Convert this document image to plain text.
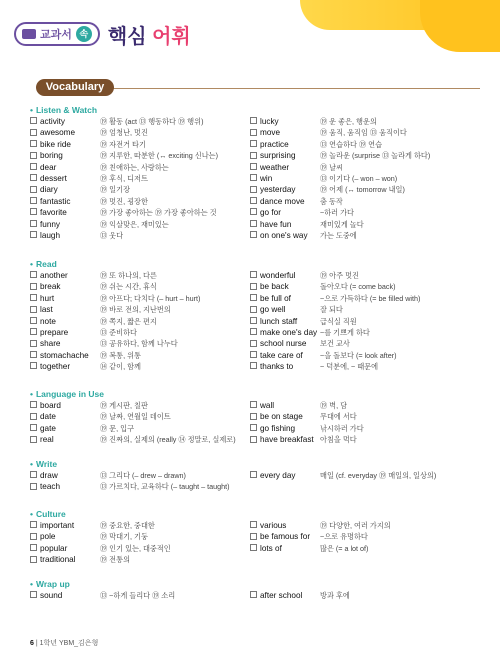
교과서 속 핵심 어휘
Vocabulary
• Listen & Watch
activity	⑲ 활동 (act ⑬ 행동하다 ⑲ 행위)	lucky	⑲ 운 좋은, 행운의
awesome	⑲ 엄청난, 멋진	move	⑲ 움직, 움직임 ⑬ 움직이다
bike ride	⑲ 자전거 타기	practice	⑬ 연습하다 ⑲ 연습
boring	⑲ 지루한, 따분한 (↔ exciting 신나는)	surprising	⑲ 놀라운 (surprise ⑬ 놀라게 하다)
dear	⑲ 친애하는, 사랑하는	weather	⑲ 날씨
dessert	⑲ 후식, 디저트	win	⑬ 이기다 (– won – won)
diary	⑲ 일기장	yesterday	⑲ 어제 (↔ tomorrow 내일)
fantastic	⑲ 멋진, 굉장한	dance move 춤 동작
favorite	⑲ 가장 좋아하는 ⑲ 가장 좋아하는 것	go for	~하러 가다
funny	⑲ 익살맞은, 재미있는	have fun	재미있게 놀다
laugh	⑬ 웃다	on one's way 가는 도중에
• Read
another	⑲ 또 하나의, 다른	wonderful	⑲ 아주 멋진
break	⑲ 쉬는 시간, 휴식	be back	돌아오다 (= come back)
hurt	⑲ 아프다; 다치다 (– hurt – hurt)	be full of	~으로 가득하다 (= be filled with)
last	⑲ 바로 전의, 지난번의	go well	잘 되다
note	⑲ 쪽지, 짧은 편지	lunch staff	급식실 직원
prepare	⑬ 준비하다	make one's day ~를 기쁘게 하다
share	⑬ 공유하다, 함께 나누다	school nurse 보건 교사
stomachache ⑲ 복통, 위통	take care of ~을 돌보다 (= look after)
together	⑭ 같이, 함께	thanks to	~ 덕분에, ~ 때문에
• Language in Use
board	⑲ 게시판, 칠판	wall	⑲ 벽, 담
date	⑲ 날짜, 연월일 데이트	be on stage 무대에 서다
gate	⑲ 문, 입구	go fishing	낚시하러 가다
real	⑲ 진짜의, 실제의 (really ⑭ 정말로, 실제로)	have breakfast 아침을 먹다
• Write
draw	⑬ 그리다 (– drew – drawn)	every day	매일 (cf. everyday ⑲ 매일의, 일상의)
teach	⑬ 가르치다, 교육하다 (– taught – taught)
• Culture
important	⑲ 중요한, 중대한	various	⑲ 다양한, 여러 가지의
pole	⑲ 막대기, 기둥	be famous for ~으로 유명하다
popular	⑲ 인기 있는, 대중적인	lots of	많은 (= a lot of)
traditional	⑲ 전통의
• Wrap up
sound	⑬ ~하게 들리다 ⑲ 소리	after school 방과 후에
6 | 1학년 YBM_김은형
